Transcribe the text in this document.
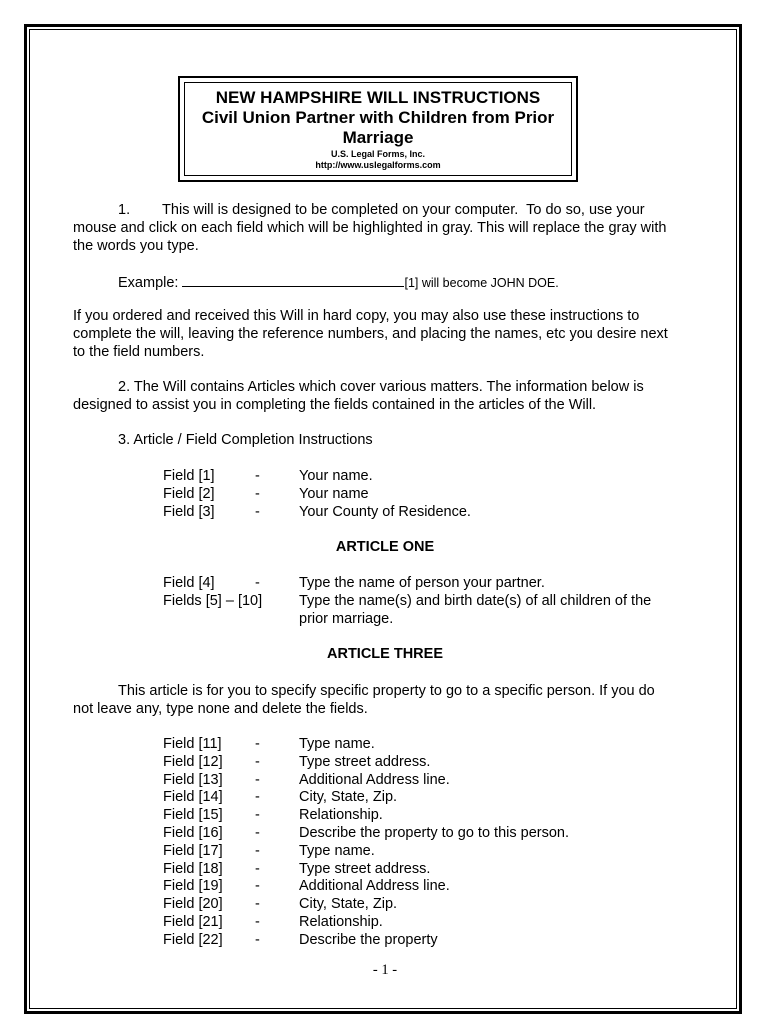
NEW HAMPSHIRE WILL INSTRUCTIONS
Civil Union Partner with Children from Prior
Marriage
U.S. Legal Forms, Inc.
http://www.uslegalforms.com
1.        This will is designed to be completed on your computer.  To do so, use your
mouse and click on each field which will be highlighted in gray. This will replace the gray with
the words you type.
Example:	[1] will become JOHN DOE.
If you ordered and received this Will in hard copy, you may also use these instructions to
complete the will, leaving the reference numbers, and placing the names, etc you desire next
to the field numbers.
2. The Will contains Articles which cover various matters. The information below is
designed to assist you in completing the fields contained in the articles of the Will.
3. Article / Field Completion Instructions
Field [1]	-	Your name.
Field [2]	-	Your name
Field [3]	-	Your County of Residence.
ARTICLE ONE
Field [4]	-	Type the name of person your partner.
Fields [5] – [10]	Type the name(s) and birth date(s) of all children of the
prior marriage.
ARTICLE THREE
This article is for you to specify specific property to go to a specific person. If you do
not leave any, type none and delete the fields.
Field [11] -	Type name.
Field [12] -	Type street address.
Field [13] -	Additional Address line.
Field [14] -	City, State, Zip.
Field [15] -	Relationship.
Field [16] -	Describe the property to go to this person.
Field [17] -	Type name.
Field [18] -	Type street address.
Field [19] -	Additional Address line.
Field [20] -	City, State, Zip.
Field [21] -	Relationship.
Field [22] -	Describe the property
- 1 -
